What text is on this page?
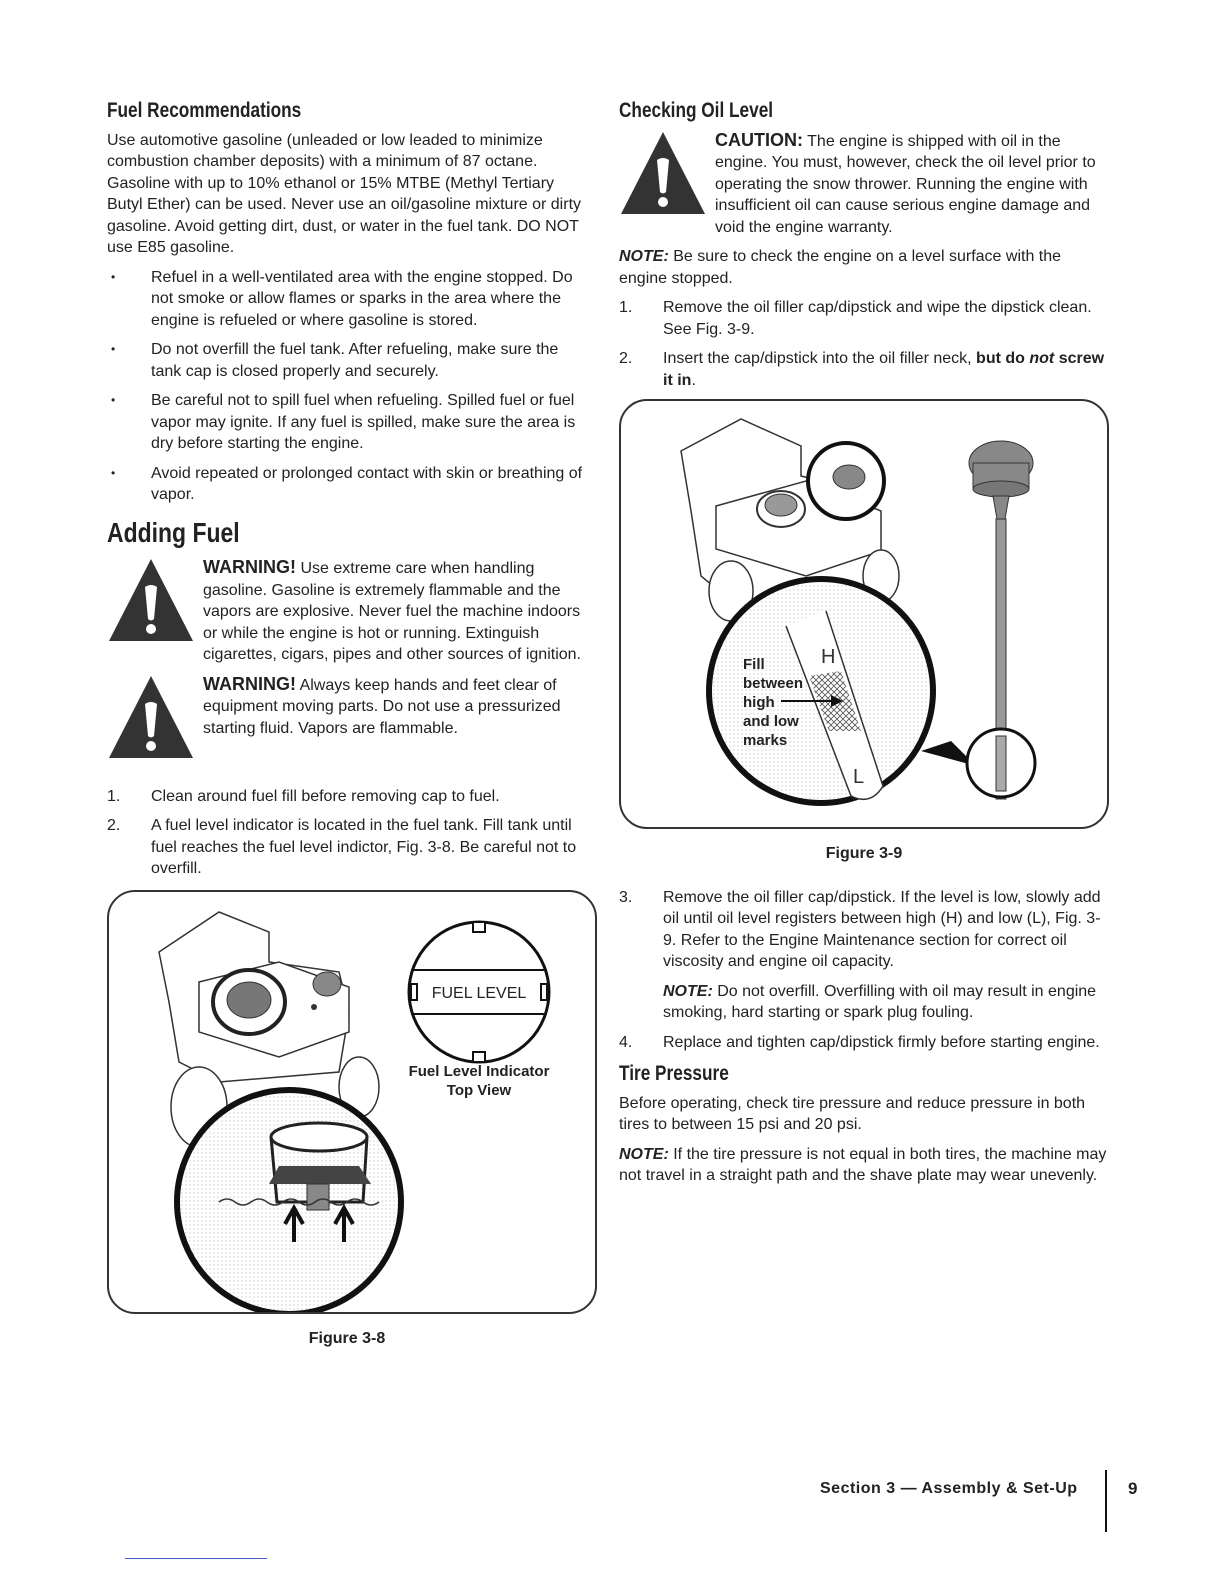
Fuel Recommendations

Use automotive gasoline (unleaded or low leaded to minimize combustion chamber deposits) with a minimum of 87 octane. Gasoline with up to 10% ethanol or 15% MTBE (Methyl Tertiary Butyl Ether) can be used. Never use an oil/gasoline mixture or dirty gasoline. Avoid getting dirt, dust, or water in the fuel tank. DO NOT use E85 gasoline.

• Refuel in a well-ventilated area with the engine stopped. Do not smoke or allow flames or sparks in the area where the engine is refueled or where gasoline is stored.
• Do not overfill the fuel tank. After refueling, make sure the tank cap is closed properly and securely.
• Be careful not to spill fuel when refueling. Spilled fuel or fuel vapor may ignite. If any fuel is spilled, make sure the area is dry before starting the engine.
• Avoid repeated or prolonged contact with skin or breathing of vapor.
Adding Fuel
WARNING! Use extreme care when handling gasoline. Gasoline is extremely flammable and the vapors are explosive. Never fuel the machine indoors or while the engine is hot or running. Extinguish cigarettes, cigars, pipes and other sources of ignition.
WARNING! Always keep hands and feet clear of equipment moving parts. Do not use a pressurized starting fluid. Vapors are flammable.
1. Clean around fuel fill before removing cap to fuel.
2. A fuel level indicator is located in the fuel tank. Fill tank until fuel reaches the fuel level indictor, Fig. 3-8. Be careful not to overfill.
FUEL LEVEL
Fuel Level Indicator
Top View
Figure 3-8
Checking Oil Level
CAUTION: The engine is shipped with oil in the engine. You must, however, check the oil level prior to operating the snow thrower. Running the engine with insufficient oil can cause serious engine damage and void the engine warranty.

NOTE: Be sure to check the engine on a level surface with the engine stopped.

1. Remove the oil filler cap/dipstick and wipe the dipstick clean. See Fig. 3-9.
2. Insert the cap/dipstick into the oil filler neck, but do not screw it in.
H
L
Fill
between
high
and low
marks
Figure 3-9
3. Remove the oil filler cap/dipstick. If the level is low, slowly add oil until oil level registers between high (H) and low (L), Fig. 3-9. Refer to the Engine Maintenance section for correct oil viscosity and engine oil capacity.
NOTE: Do not overfill. Overfilling with oil may result in engine smoking, hard starting or spark plug fouling.
4. Replace and tighten cap/dipstick firmly before starting engine.
Tire Pressure

Before operating, check tire pressure and reduce pressure in both tires to between 15 psi and 20 psi.

NOTE: If the tire pressure is not equal in both tires, the machine may not travel in a straight path and the shave plate may wear unevenly.

Section 3 — Assembly & Set-Up	9
